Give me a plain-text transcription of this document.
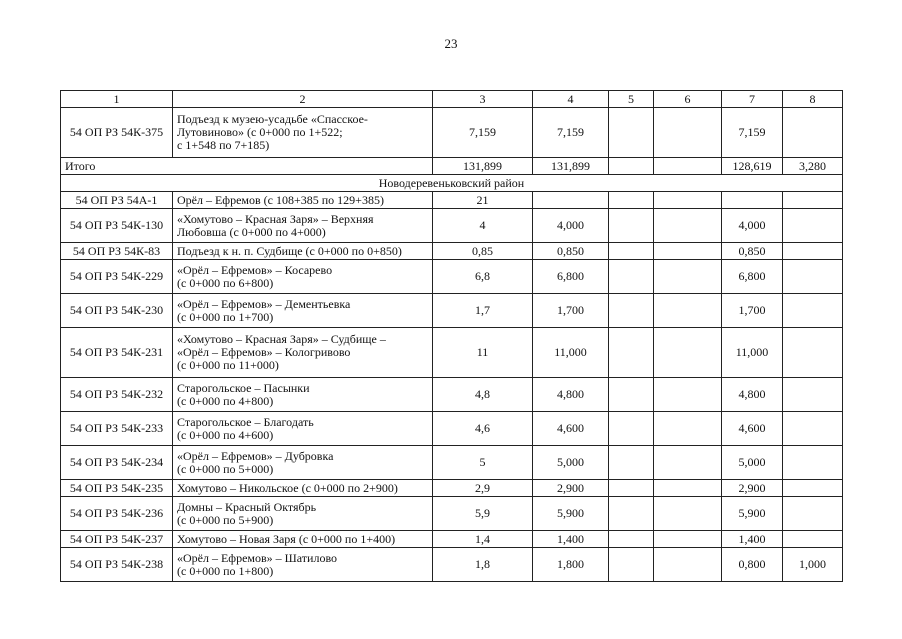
23
1	2	3	4	5	6	7	8
54 ОП РЗ 54К-375	Подъезд к музею-усадьбе «Спасское-
Лутовиново» (с 0+000 по 1+522;
с 1+548 по 7+185)	7,159	7,159			7,159	
Итого		131,899	131,899			128,619	3,280
Новодеревеньковский район							
54 ОП РЗ 54А-1	Орёл – Ефремов (с 108+385 по 129+385)	21					
54 ОП РЗ 54К-130	«Хомутово – Красная Заря» – Верхняя
Любовша (с 0+000 по 4+000)	4	4,000			4,000	
54 ОП РЗ 54К-83	Подъезд к н. п. Судбище (с 0+000 по 0+850)	0,85	0,850			0,850	
54 ОП РЗ 54К-229	«Орёл – Ефремов» – Косарево
(с 0+000 по 6+800)	6,8	6,800			6,800	
54 ОП РЗ 54К-230	«Орёл – Ефремов» – Дементьевка
(с 0+000 по 1+700)	1,7	1,700			1,700	
54 ОП РЗ 54К-231	«Хомутово – Красная Заря» – Судбище –
«Орёл – Ефремов» – Кологривово
(с 0+000 по 11+000)	11	11,000			11,000	
54 ОП РЗ 54К-232	Старогольское – Пасынки
(с 0+000 по 4+800)	4,8	4,800			4,800	
54 ОП РЗ 54К-233	Старогольское – Благодать
(с 0+000 по 4+600)	4,6	4,600			4,600	
54 ОП РЗ 54К-234	«Орёл – Ефремов» – Дубровка
(с 0+000 по 5+000)	5	5,000			5,000	
54 ОП РЗ 54К-235	Хомутово – Никольское (с 0+000 по 2+900)	2,9	2,900			2,900	
54 ОП РЗ 54К-236	Домны – Красный Октябрь
(с 0+000 по 5+900)	5,9	5,900			5,900	
54 ОП РЗ 54К-237	Хомутово – Новая Заря (с 0+000 по 1+400)	1,4	1,400			1,400	
54 ОП РЗ 54К-238	«Орёл – Ефремов» – Шатилово
(с 0+000 по 1+800)	1,8	1,800			0,800	1,000
